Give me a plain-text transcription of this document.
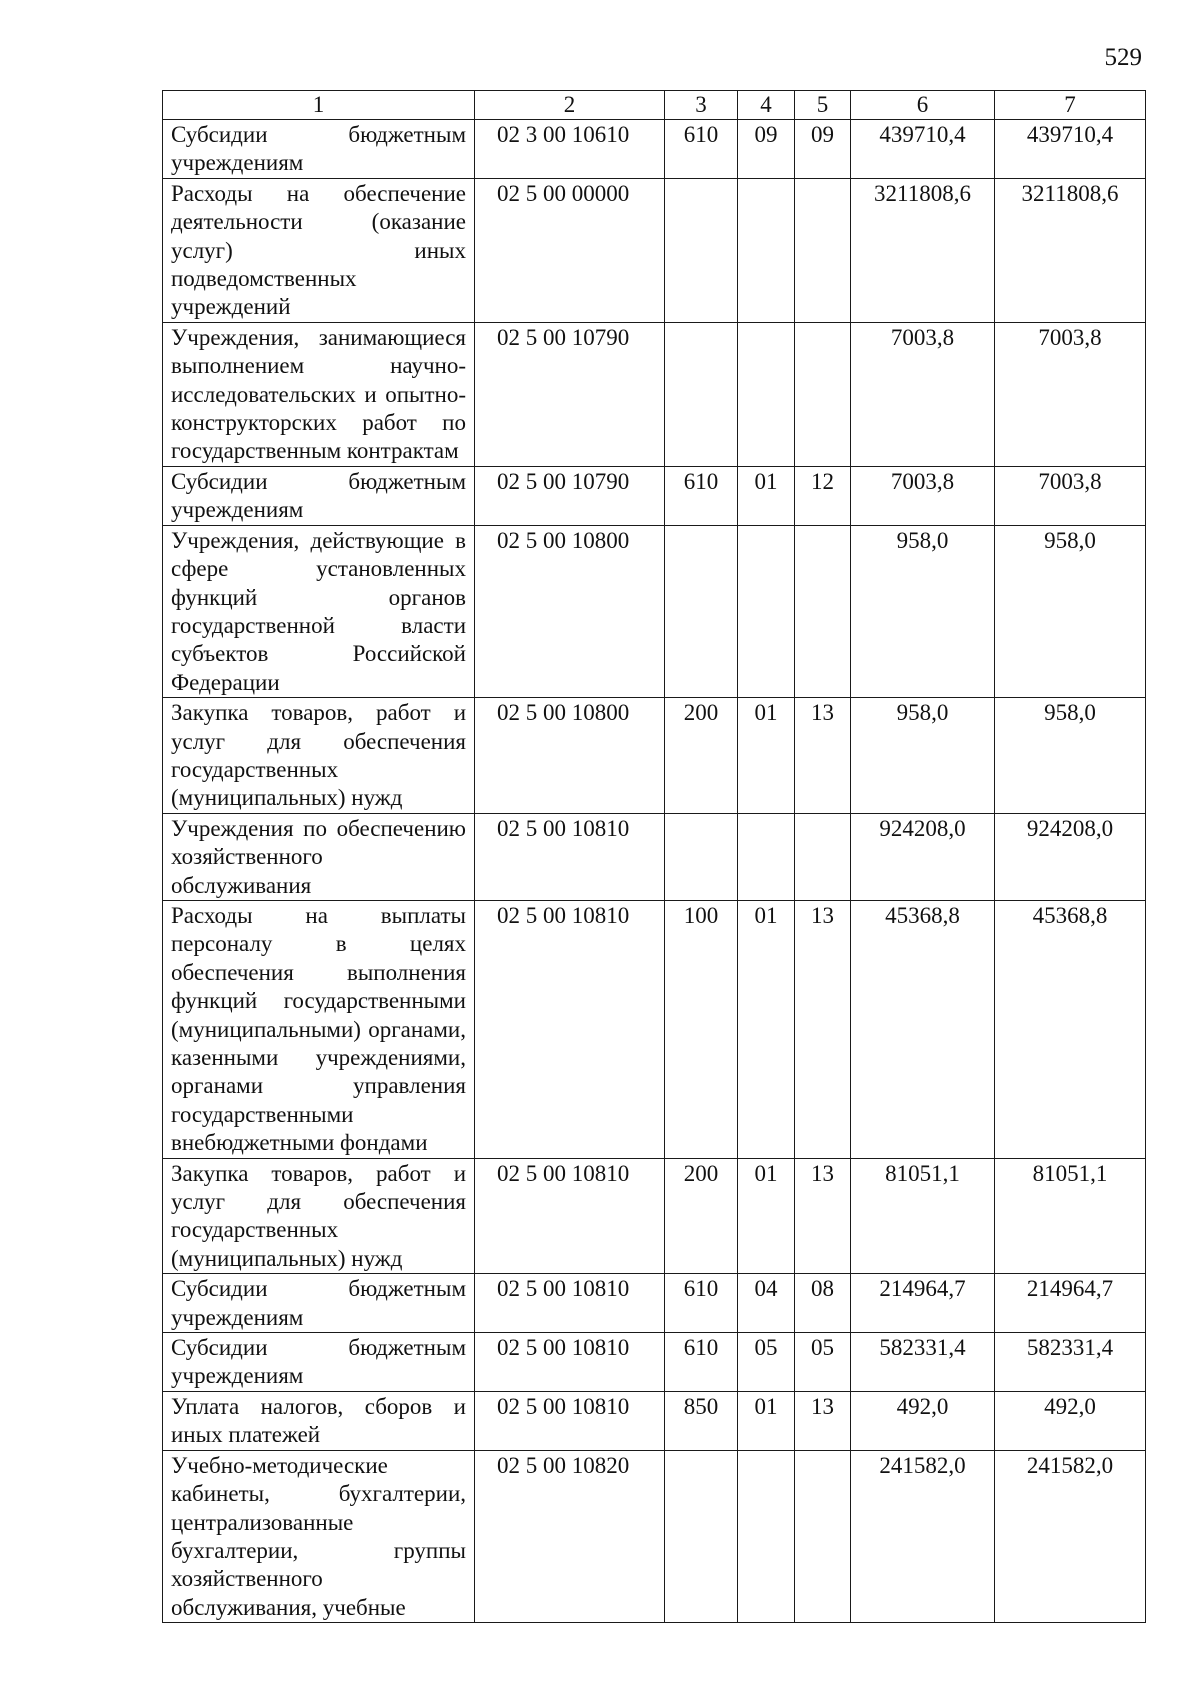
529
1	2	3	4	5	6	7
Субсидии бюджетным учреждениям	02 3 00 10610	610	09	09	439710,4	439710,4
Расходы на обеспечение деятельности (оказание услуг) иных подведомственных учреждений	02 5 00 00000				3211808,6	3211808,6
Учреждения, занимающиеся выполнением научно-исследовательских и опытно-конструкторских работ по государственным контрактам	02 5 00 10790				7003,8	7003,8
Субсидии бюджетным учреждениям	02 5 00 10790	610	01	12	7003,8	7003,8
Учреждения, действующие в сфере установленных функций органов государственной власти субъектов Российской Федерации	02 5 00 10800				958,0	958,0
Закупка товаров, работ и услуг для обеспечения государственных (муниципальных) нужд	02 5 00 10800	200	01	13	958,0	958,0
Учреждения по обеспечению хозяйственного обслуживания	02 5 00 10810				924208,0	924208,0
Расходы на выплаты персоналу в целях обеспечения выполнения функций государственными (муниципальными) органами, казенными учреждениями, органами управления государственными внебюджетными фондами	02 5 00 10810	100	01	13	45368,8	45368,8
Закупка товаров, работ и услуг для обеспечения государственных (муниципальных) нужд	02 5 00 10810	200	01	13	81051,1	81051,1
Субсидии бюджетным учреждениям	02 5 00 10810	610	04	08	214964,7	214964,7
Субсидии бюджетным учреждениям	02 5 00 10810	610	05	05	582331,4	582331,4
Уплата налогов, сборов и иных платежей	02 5 00 10810	850	01	13	492,0	492,0
Учебно-методические кабинеты, бухгалтерии, централизованные бухгалтерии, группы хозяйственного обслуживания, учебные	02 5 00 10820				241582,0	241582,0
